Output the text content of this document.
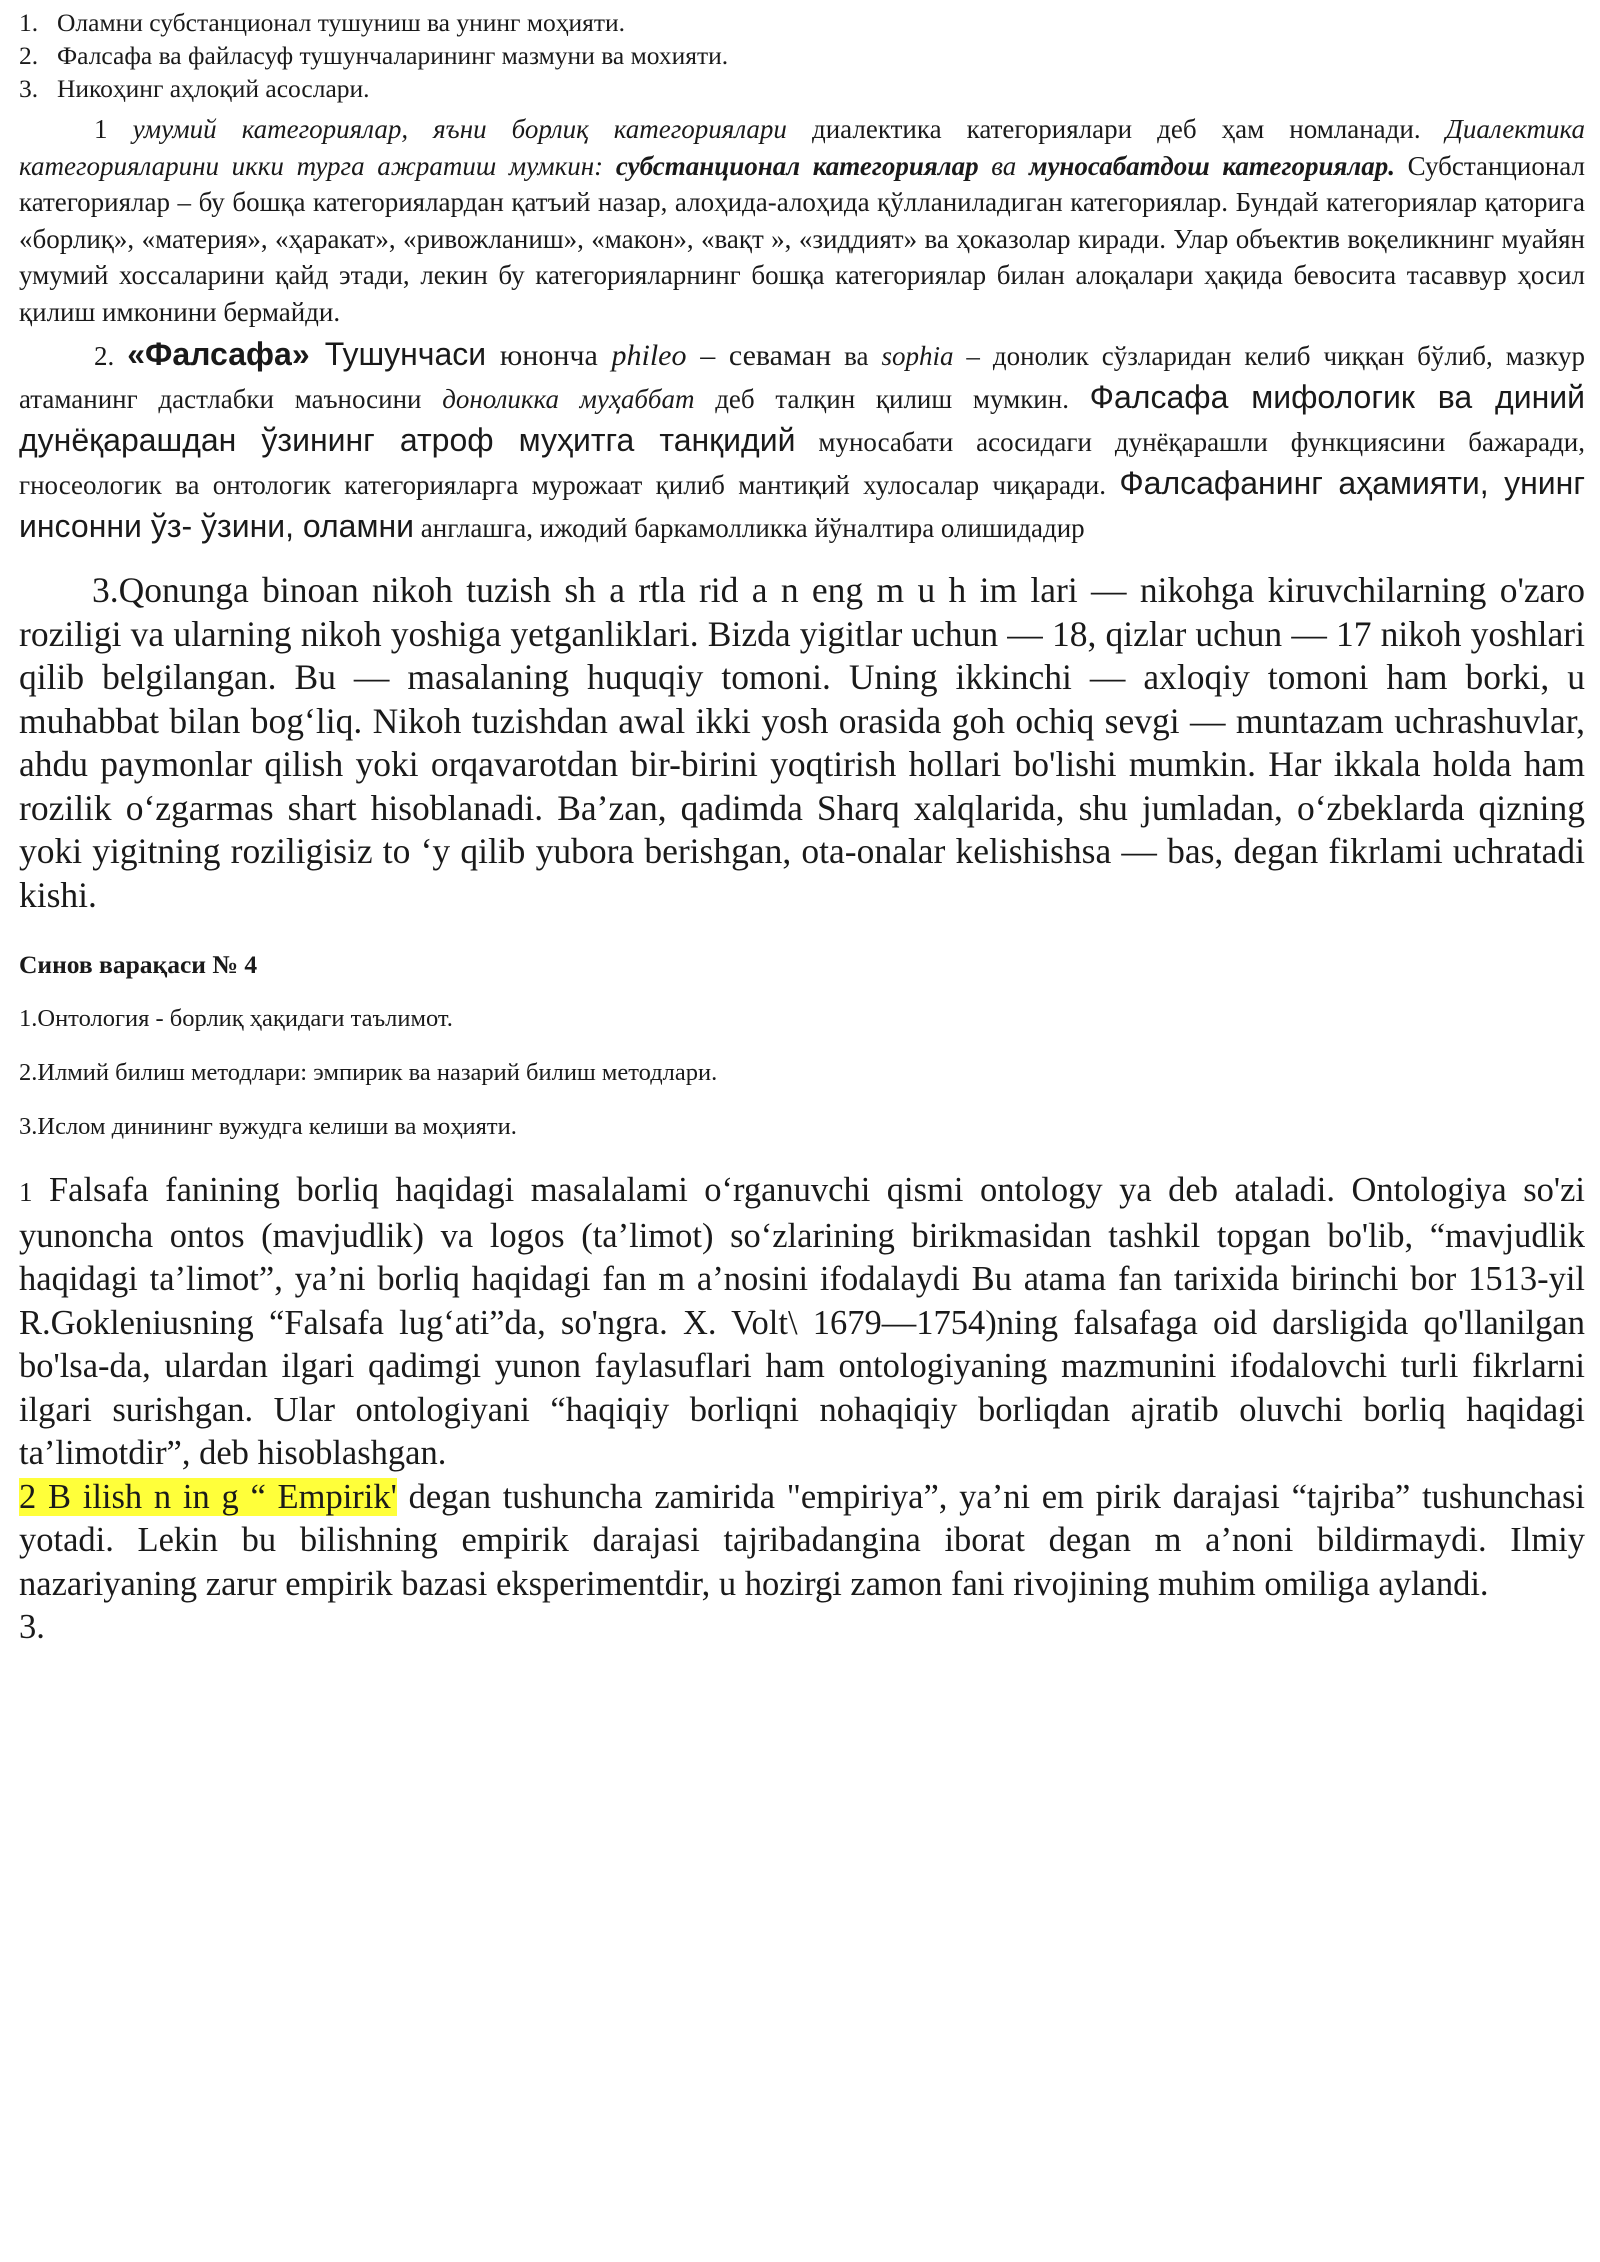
1. Оламни субстанционал тушуниш ва унинг моҳияти.
2. Фалсафа ва файласуф тушунчаларининг мазмуни ва мохияти.
3. Никоҳинг аҳлоқий асослари.

1 умумий категориялар, яъни борлиқ категориялари диалектика категориялари деб ҳам номланади. Диалектика категорияларини икки турга ажратиш мумкин: субстанционал категориялар ва муносабатдош категориялар. Субстанционал категориялар – бу бошқа категориялардан қатъий назар, алоҳида-алоҳида қўлланиладиган категориялар. Бундай категориялар қаторига «борлиқ», «материя», «ҳаракат», «ривожланиш», «макон», «вақт », «зиддият» ва ҳоказолар киради. Улар объектив воқеликнинг муайян умумий хоссаларини қайд этади, лекин бу категорияларнинг бошқа категориялар билан алоқалари ҳақида бевосита тасаввур ҳосил қилиш имконини бермайди.

2. «Фалсафа» Тушунчаси юнонча phileo – севаман ва sophia – донолик сўзларидан келиб чиққан бўлиб, мазкур атаманинг дастлабки маъносини доноликка муҳаббат деб талқин қилиш мумкин. Фалсафа мифологик ва диний дунёқарашдан ўзининг атроф муҳитга танқидий муносабати асосидаги дунёқарашли функциясини бажаради, гносеологик ва онтологик категорияларга мурожаат қилиб мантиқий хулосалар чиқаради. Фалсафанинг аҳамияти, унинг инсонни ўз- ўзини, оламни англашга, ижодий баркамолликка йўналтира олишидадир

3.Qonunga binoan nikoh tuzish sh a rtla rid a n eng m u h im lari — nikohga kiruvchilarning o'zaro roziligi va ularning nikoh yoshiga yetganliklari. Bizda yigitlar uchun — 18, qizlar uchun — 17 nikoh yoshlari qilib belgilangan. Bu — masalaning huquqiy tomoni. Uning ikkinchi — axloqiy tomoni ham borki, u muhabbat bilan bog‘liq. Nikoh tuzishdan awal ikki yosh orasida goh ochiq sevgi — muntazam uchrashuvlar, ahdu paymonlar qilish yoki orqavarotdan bir-birini yoqtirish hollari bo'lishi mumkin. Har ikkala holda ham rozilik o‘zgarmas shart hisoblanadi. Ba’zan, qadimda Sharq xalqlarida, shu jumladan, o‘zbeklarda qizning yoki yigitning roziligisiz to ‘y qilib yubora berishgan, ota-onalar kelishishsa — bas, degan fikrlami uchratadi kishi.

Синов варақаси № 4
1.Онтология - борлиқ ҳақидаги таълимот.
2.Илмий билиш методлари: эмпирик ва назарий билиш методлари.
3.Ислом динининг вужудга келиши ва моҳияти.

1 Falsafa fanining borliq haqidagi masalalami o‘rganuvchi qismi ontology ya deb ataladi. Ontologiya so'zi yunoncha ontos (mavjudlik) va logos (ta’limot) so‘zlarining birikmasidan tashkil topgan bo'lib, “mavjudlik haqidagi ta’limot”, ya’ni borliq haqidagi fan m a’nosini ifodalaydi Bu atama fan tarixida birinchi bor 1513-yil R.Gokleniusning “Falsafa lug‘ati”da, so'ngra. X. Volt\ 1679—1754)ning falsafaga oid darsligida qo'llanilgan bo'lsa-da, ulardan ilgari qadimgi yunon faylasuflari ham ontologiyaning mazmunini ifodalovchi turli fikrlarni ilgari surishgan. Ular ontologiyani “haqiqiy borliqni nohaqiqiy borliqdan ajratib oluvchi borliq haqidagi ta’limotdir”, deb hisoblashgan.
2 B ilish n in g “ Empirik' degan tushuncha zamirida "empiriya”, ya’ni em pirik darajasi “tajriba” tushunchasi yotadi. Lekin bu bilishning empirik darajasi tajribadangina iborat degan m a’noni bildirmaydi. Ilmiy nazariyaning zarur empirik bazasi eksperimentdir, u hozirgi zamon fani rivojining muhim omiliga aylandi.

3.
